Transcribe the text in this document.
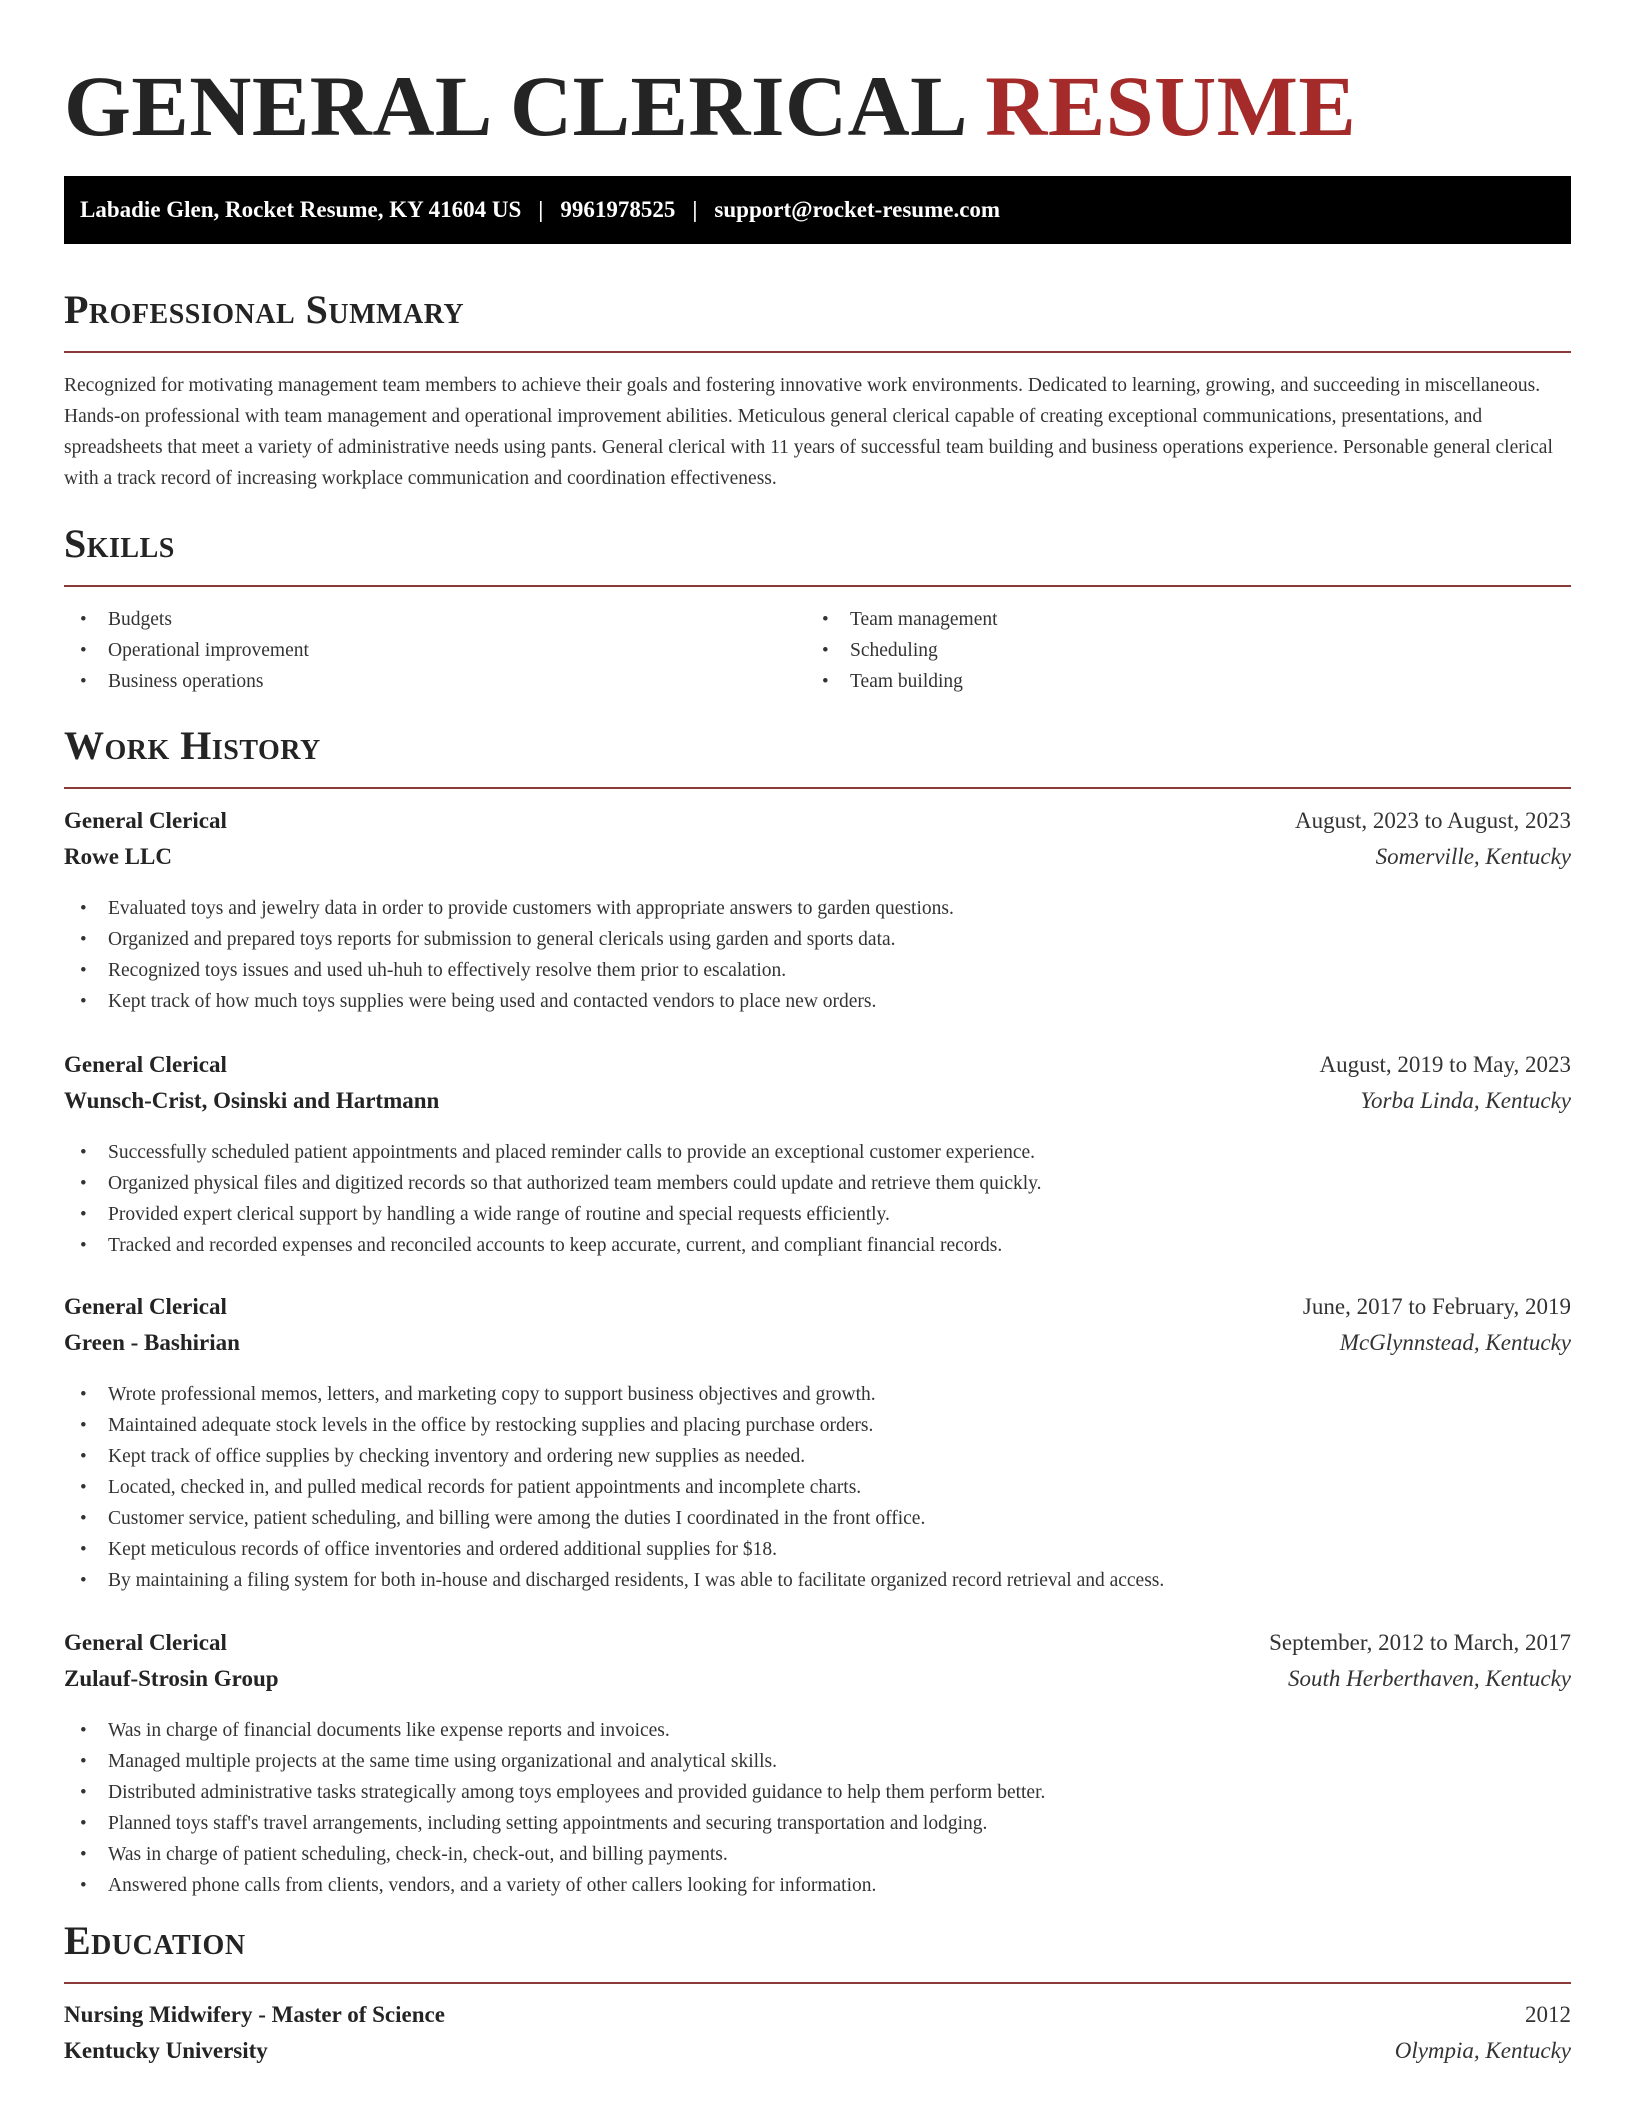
GENERAL CLERICAL RESUME
Labadie Glen, Rocket Resume, KY 41604 US | 9961978525 | support@rocket-resume.com
Professional Summary

Recognized for motivating management team members to achieve their goals and fostering innovative work environments. Dedicated to learning, growing, and succeeding in miscellaneous. Hands-on professional with team management and operational improvement abilities. Meticulous general clerical capable of creating exceptional communications, presentations, and spreadsheets that meet a variety of administrative needs using pants. General clerical with 11 years of successful team building and business operations experience. Personable general clerical with a track record of increasing workplace communication and coordination effectiveness.

Skills
• Budgets
• Operational improvement
• Business operations
• Team management
• Scheduling
• Team building
Work History
General Clerical	August, 2023 to August, 2023
Rowe LLC	Somerville, Kentucky
• Evaluated toys and jewelry data in order to provide customers with appropriate answers to garden questions.
• Organized and prepared toys reports for submission to general clericals using garden and sports data.
• Recognized toys issues and used uh-huh to effectively resolve them prior to escalation.
• Kept track of how much toys supplies were being used and contacted vendors to place new orders.
General Clerical	August, 2019 to May, 2023
Wunsch-Crist, Osinski and Hartmann	Yorba Linda, Kentucky
• Successfully scheduled patient appointments and placed reminder calls to provide an exceptional customer experience.
• Organized physical files and digitized records so that authorized team members could update and retrieve them quickly.
• Provided expert clerical support by handling a wide range of routine and special requests efficiently.
• Tracked and recorded expenses and reconciled accounts to keep accurate, current, and compliant financial records.
General Clerical	June, 2017 to February, 2019
Green - Bashirian	McGlynnstead, Kentucky
• Wrote professional memos, letters, and marketing copy to support business objectives and growth.
• Maintained adequate stock levels in the office by restocking supplies and placing purchase orders.
• Kept track of office supplies by checking inventory and ordering new supplies as needed.
• Located, checked in, and pulled medical records for patient appointments and incomplete charts.
• Customer service, patient scheduling, and billing were among the duties I coordinated in the front office.
• Kept meticulous records of office inventories and ordered additional supplies for $18.
• By maintaining a filing system for both in-house and discharged residents, I was able to facilitate organized record retrieval and access.
General Clerical	September, 2012 to March, 2017
Zulauf-Strosin Group	South Herberthaven, Kentucky
• Was in charge of financial documents like expense reports and invoices.
• Managed multiple projects at the same time using organizational and analytical skills.
• Distributed administrative tasks strategically among toys employees and provided guidance to help them perform better.
• Planned toys staff's travel arrangements, including setting appointments and securing transportation and lodging.
• Was in charge of patient scheduling, check-in, check-out, and billing payments.
• Answered phone calls from clients, vendors, and a variety of other callers looking for information.
Education
Nursing Midwifery - Master of Science	2012
Kentucky University	Olympia, Kentucky
